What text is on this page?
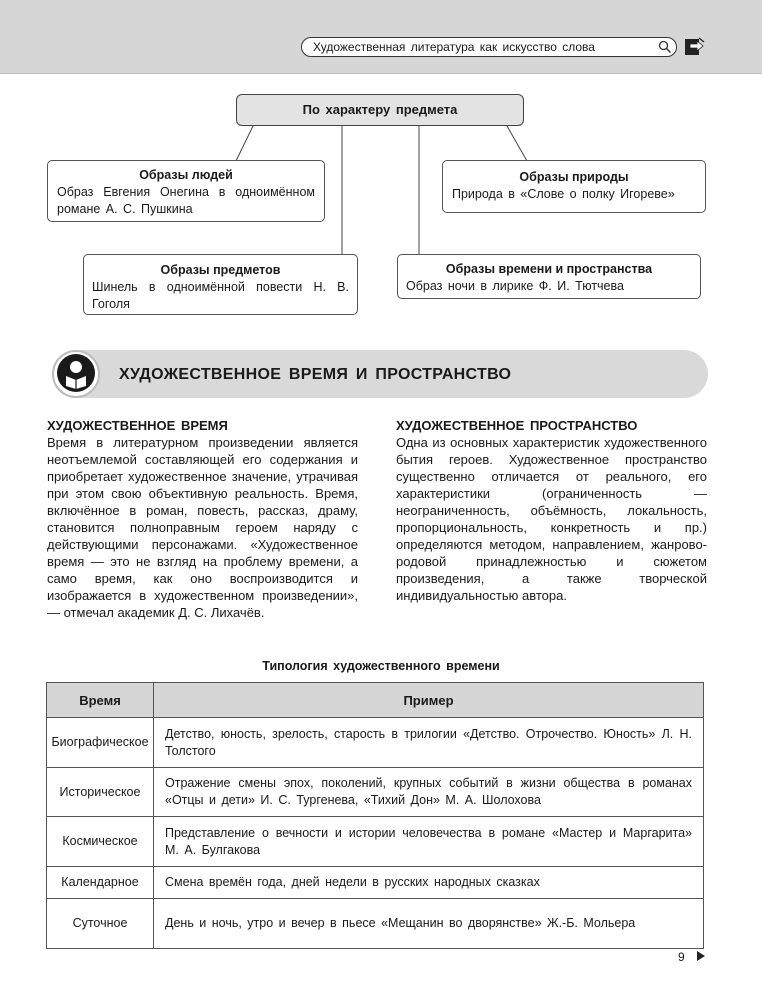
Художественная литература как искусство слова
По характеру предмета
Образы людей
Образ Евгения Онегина в одноимённом романе А. С. Пушкина
Образы природы
Природа в «Слове о полку Игореве»
Образы предметов
Шинель в одноимённой повести Н. В. Гоголя
Образы времени и пространства
Образ ночи в лирике Ф. И. Тютчева
ХУДОЖЕСТВЕННОЕ ВРЕМЯ И ПРОСТРАНСТВО
ХУДОЖЕСТВЕННОЕ ВРЕМЯ
Время в литературном произведении является неотъемлемой составляющей его содержания и приобретает художественное значение, утрачивая при этом свою объективную реальность. Время, включённое в роман, повесть, рассказ, драму, становится полноправным героем наряду с действующими персонажами. «Художественное время — это не взгляд на проблему времени, а само время, как оно воспроизводится и изображается в художественном произведении», — отмечал академик Д. С. Лихачёв.
ХУДОЖЕСТВЕННОЕ ПРОСТРАНСТВО
Одна из основных характеристик художественного бытия героев. Художественное пространство существенно отличается от реального, его характеристики (ограниченность — неограниченность, объёмность, локальность, пропорциональность, конкретность и пр.) определяются методом, направлением, жанрово-родовой принадлежностью и сюжетом произведения, а также творческой индивидуальностью автора.
Типология художественного времени
Время	Пример
Биографическое	Детство, юность, зрелость, старость в трилогии «Детство. Отрочество. Юность» Л. Н. Толстого
Историческое	Отражение смены эпох, поколений, крупных событий в жизни общества в романах «Отцы и дети» И. С. Тургенева, «Тихий Дон» М. А. Шолохова
Космическое	Представление о вечности и истории человечества в романе «Мастер и Маргарита» М. А. Булгакова
Календарное	Смена времён года, дней недели в русских народных сказках
Суточное	День и ночь, утро и вечер в пьесе «Мещанин во дворянстве» Ж.-Б. Мольера
9
